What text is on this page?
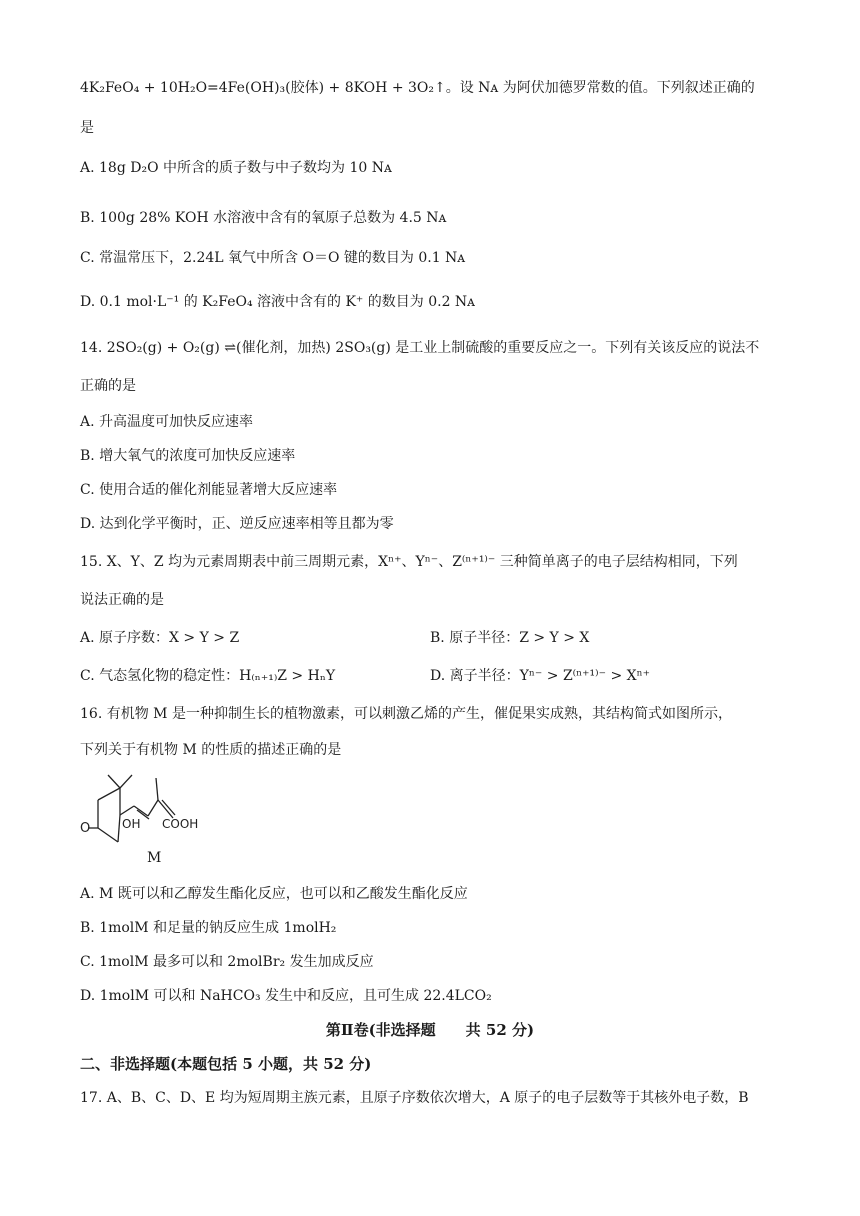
4K₂FeO₄ + 10H₂O=4Fe(OH)₃(胶体) + 8KOH + 3O₂↑。设 Nᴀ 为阿伏加德罗常数的值。下列叙述正确的
是
A. 18g D₂O 中所含的质子数与中子数均为 10 Nᴀ
B. 100g 28% KOH 水溶液中含有的氧原子总数为 4.5 Nᴀ
C. 常温常压下，2.24L 氧气中所含 O＝O 键的数目为 0.1 Nᴀ
D. 0.1 mol·L⁻¹ 的 K₂FeO₄ 溶液中含有的 K⁺ 的数目为 0.2 Nᴀ
14. 2SO₂(g) + O₂(g) ⇌(催化剂，加热) 2SO₃(g) 是工业上制硫酸的重要反应之一。下列有关该反应的说法不
正确的是
A. 升高温度可加快反应速率
B. 增大氧气的浓度可加快反应速率
C. 使用合适的催化剂能显著增大反应速率
D. 达到化学平衡时，正、逆反应速率相等且都为零
15. X、Y、Z 均为元素周期表中前三周期元素，Xⁿ⁺、Yⁿ⁻、Z⁽ⁿ⁺¹⁾⁻ 三种简单离子的电子层结构相同，下列
说法正确的是
A. 原子序数：X > Y > Z	B. 原子半径：Z > Y > X
C. 气态氢化物的稳定性：H₍ₙ₊₁₎Z > HₙY	D. 离子半径：Yⁿ⁻ > Z⁽ⁿ⁺¹⁾⁻ > Xⁿ⁺
16. 有机物 M 是一种抑制生长的植物激素，可以刺激乙烯的产生，催促果实成熟，其结构简式如图所示，
下列关于有机物 M 的性质的描述正确的是
O	OH COOH
M
A. M 既可以和乙醇发生酯化反应，也可以和乙酸发生酯化反应
B. 1molM 和足量的钠反应生成 1molH₂
C. 1molM 最多可以和 2molBr₂ 发生加成反应
D. 1molM 可以和 NaHCO₃ 发生中和反应，且可生成 22.4LCO₂
第Ⅱ卷(非选择题　　共 52 分)
二、非选择题(本题包括 5 小题，共 52 分)
17. A、B、C、D、E 均为短周期主族元素，且原子序数依次增大，A 原子的电子层数等于其核外电子数，B
